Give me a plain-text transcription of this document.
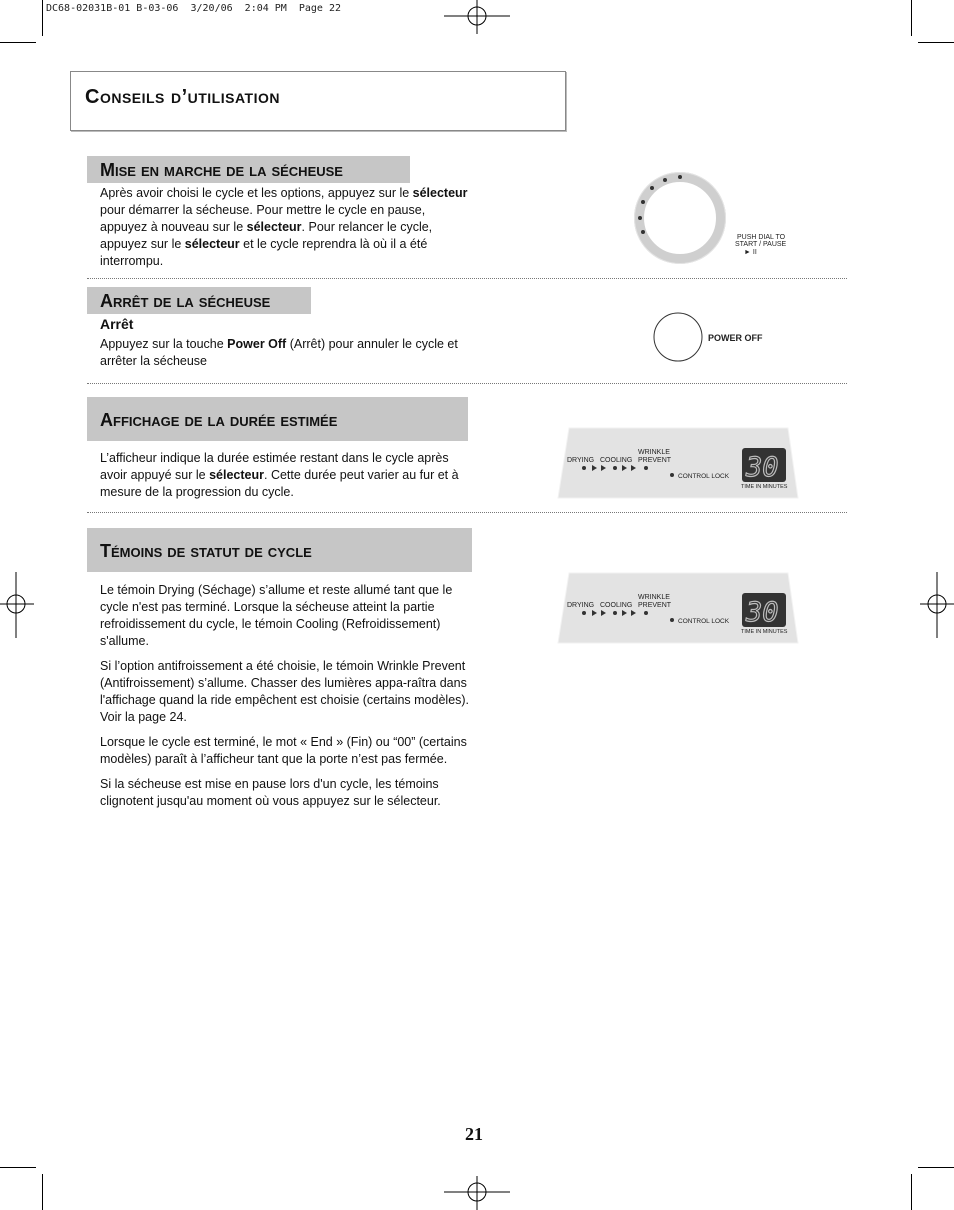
DC68-02031B-01 B-03-06  3/20/06  2:04 PM  Page 22
Conseils d’utilisation
Mise en marche de la sécheuse

Après avoir choisi le cycle et les options, appuyez sur le sélecteur pour démarrer la sécheuse. Pour mettre le cycle en pause, appuyez à nouveau sur le sélecteur. Pour relancer le cycle, appuyez sur le sélecteur et le cycle reprendra là où il a été interrompu.

PUSH DIAL TO
START / PAUSE
► II
Arrêt de la sécheuse
Arrêt

Appuyez sur la touche Power Off (Arrêt) pour annuler le cycle et arrêter la sécheuse

POWER OFF
Affichage de la durée estimée

L’afficheur indique la durée estimée restant dans le cycle après avoir appuyé sur le sélecteur. Cette durée peut varier au fur et à mesure de la progression du cycle.

DRYING COOLING
WRINKLE
PREVENT
CONTROL LOCK 30
TIME IN MINUTES
Témoins de statut de cycle

Le témoin Drying (Séchage) s’allume et reste allumé tant que le cycle n'est pas terminé. Lorsque la sécheuse atteint la partie refroidissement du cycle, le témoin Cooling (Refroidissement) s'allume.

Si l’option antifroissement a été choisie, le témoin Wrinkle Prevent (Antifroissement) s’allume. Chasser des lumières appa-raîtra dans l'affichage quand la ride empêchent est choisie (certains modèles). Voir la page 24.

Lorsque le cycle est terminé, le mot « End » (Fin) ou “00” (certains modèles) paraît à l’afficheur tant que la porte n’est pas fermée.

Si la sécheuse est mise en pause lors d'un cycle, les témoins clignotent jusqu'au moment où vous appuyez sur le sélecteur.

DRYING COOLING
WRINKLE
PREVENT
CONTROL LOCK 30
TIME IN MINUTES
21
